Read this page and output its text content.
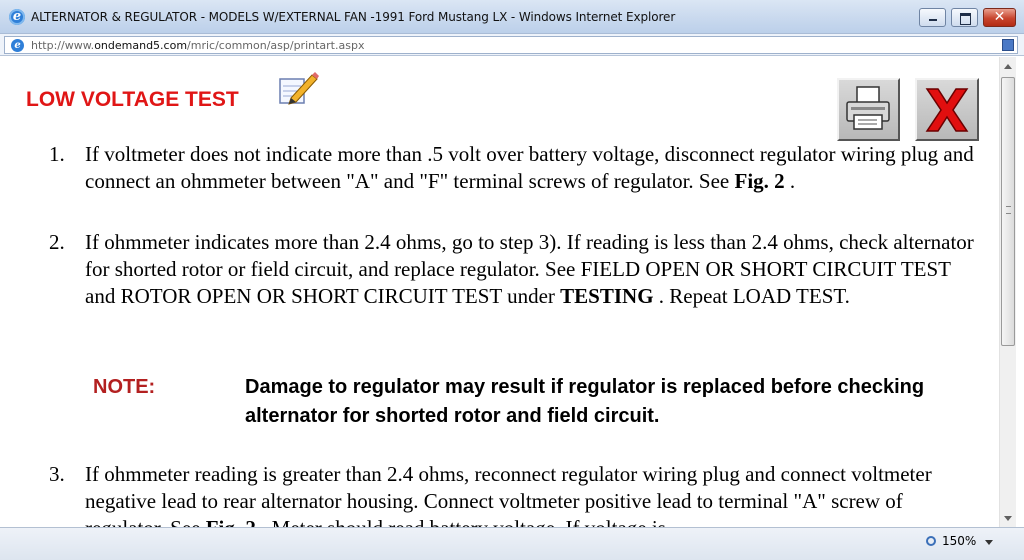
e ALTERNATOR & REGULATOR - MODELS W/EXTERNAL FAN -1991 Ford Mustang LX - Windows Internet Explorer	✕
e http://www.ondemand5.com/mric/common/asp/printart.aspx
LOW VOLTAGE TEST
1. If voltmeter does not indicate more than .5 volt over battery voltage, disconnect regulator wiring plug and connect an ohmmeter between "A" and "F" terminal screws of regulator. See Fig. 2 .
2. If ohmmeter indicates more than 2.4 ohms, go to step 3). If reading is less than 2.4 ohms, check alternator for shorted rotor or field circuit, and replace regulator. See FIELD OPEN OR SHORT CIRCUIT TEST and ROTOR OPEN OR SHORT CIRCUIT TEST under TESTING . Repeat LOAD TEST.
3. If ohmmeter reading is greater than 2.4 ohms, reconnect regulator wiring plug and connect voltmeter negative lead to rear alternator housing. Connect voltmeter positive lead to terminal "A" screw of
NOTE:	Damage to regulator may result if regulator is replaced before checking alternator for shorted rotor and field circuit.
150%
